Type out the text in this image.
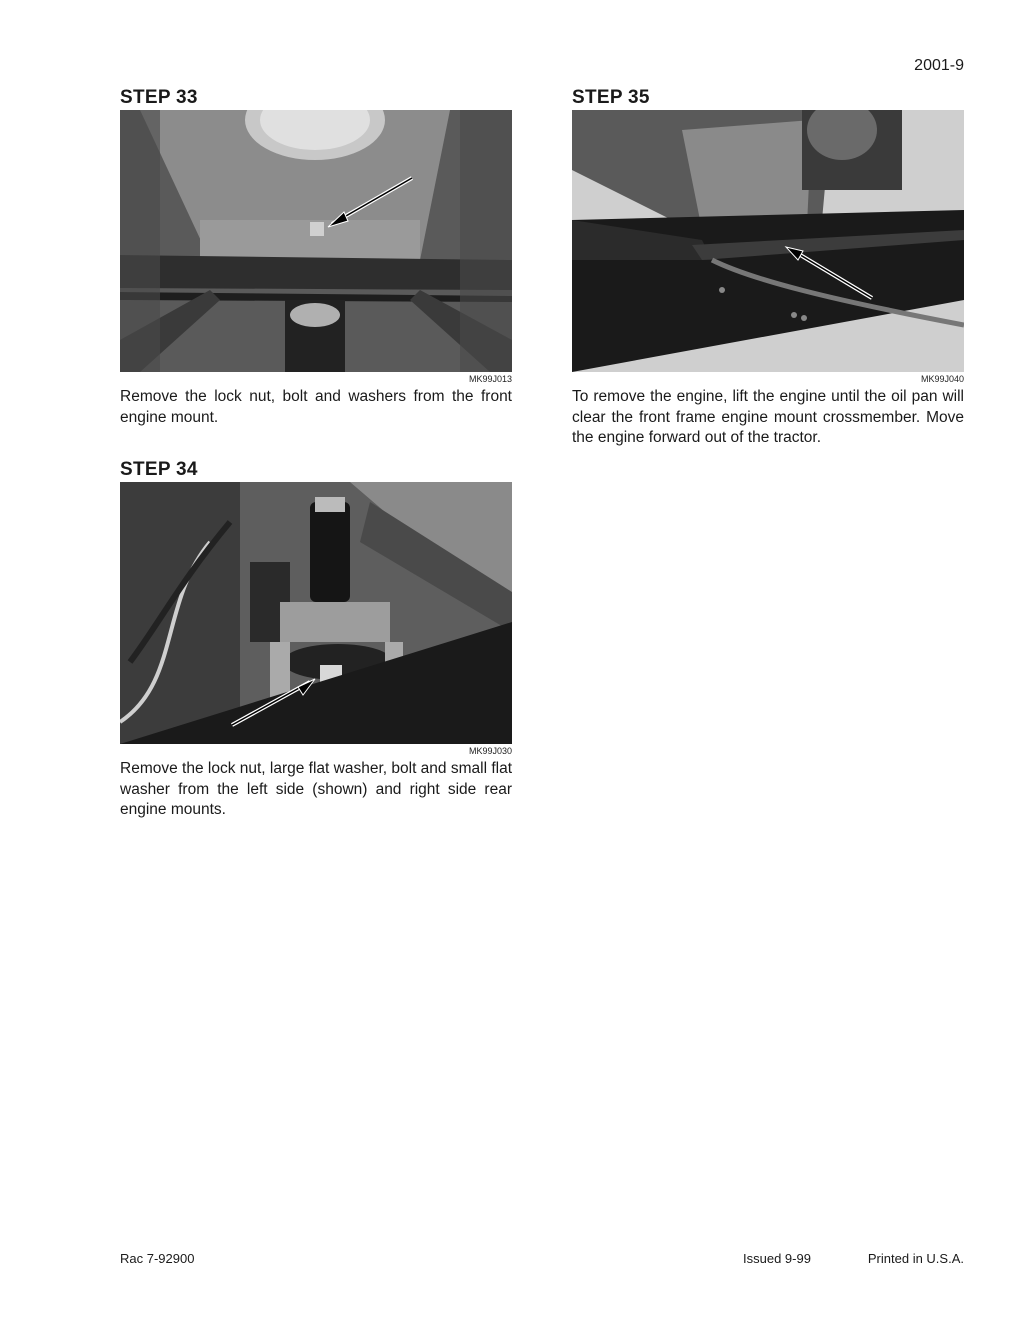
2001-9
STEP 33
MK99J013
Remove the lock nut, bolt and washers from the front engine mount.
STEP 34
MK99J030
Remove the lock nut, large flat washer, bolt and small flat washer from the left side (shown) and right side rear engine mounts.
STEP 35
MK99J040
To remove the engine, lift the engine until the oil pan will clear the front frame engine mount crossmember. Move the engine forward out of the tractor.
Rac 7-92900	Issued 9-99	Printed in U.S.A.
